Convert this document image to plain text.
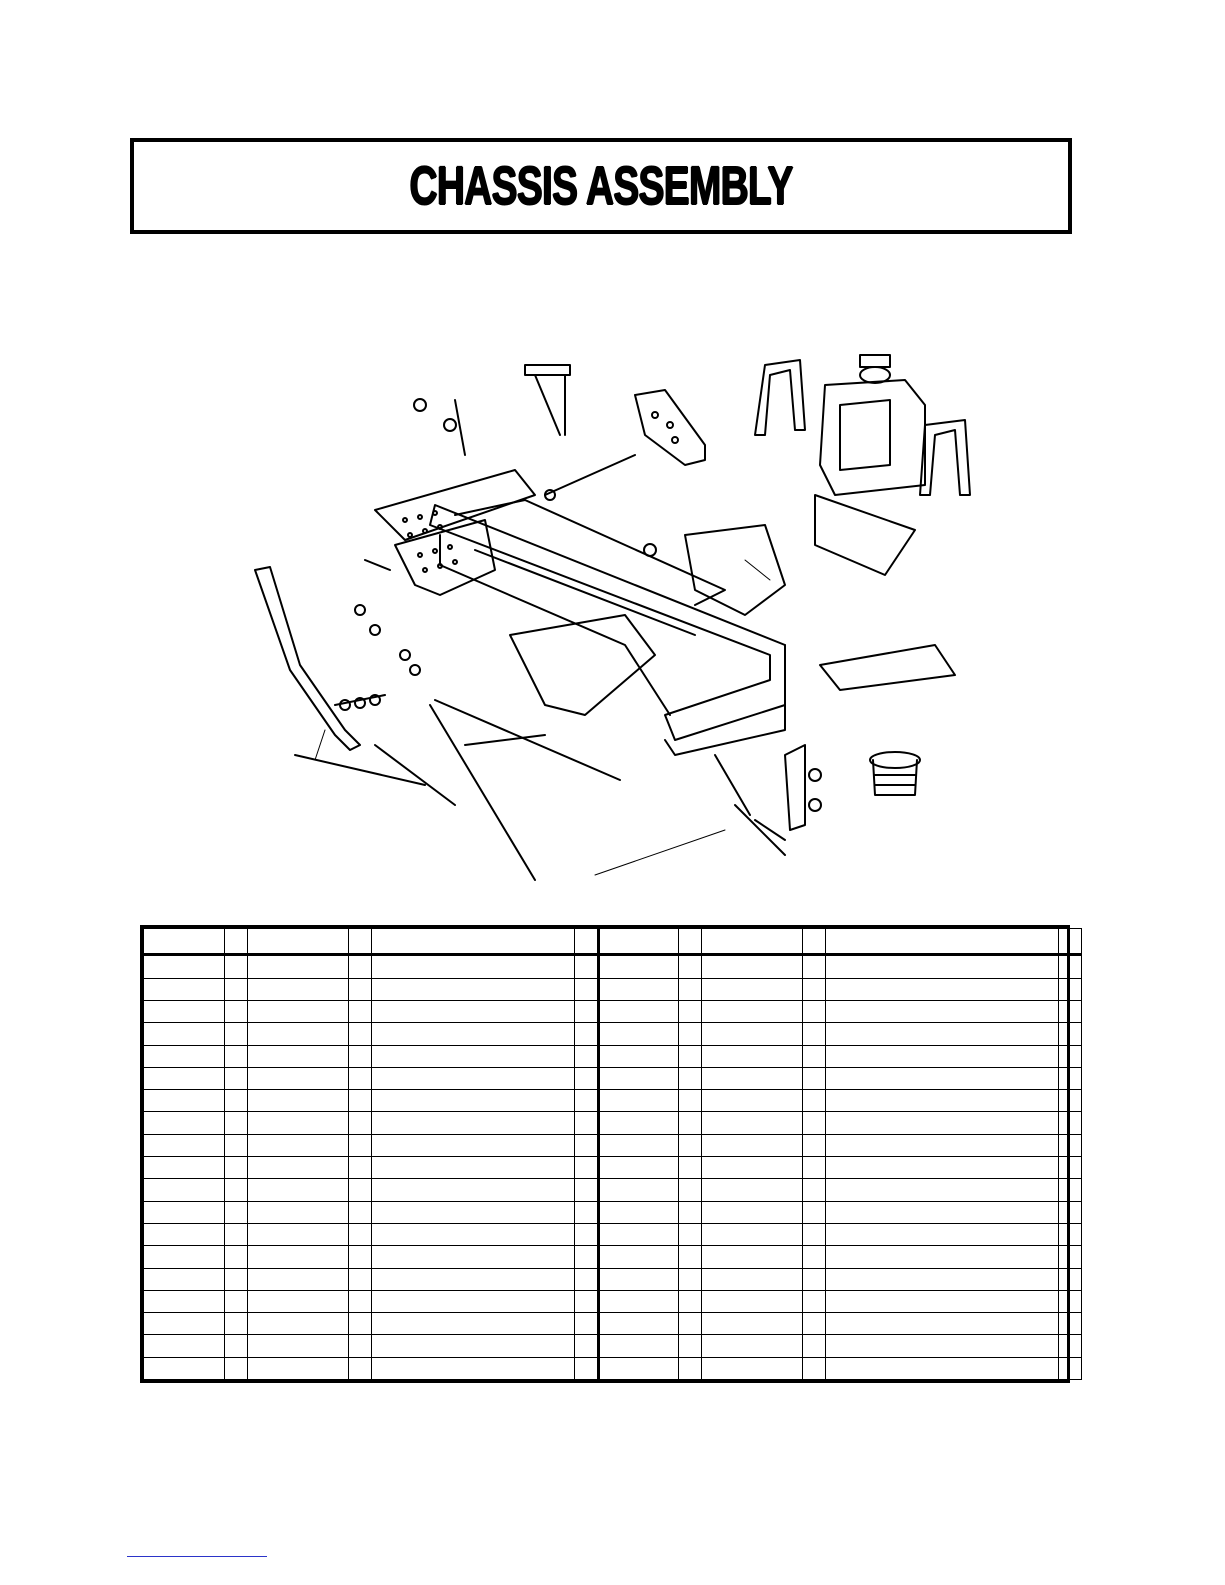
CHASSIS ASSEMBLY
